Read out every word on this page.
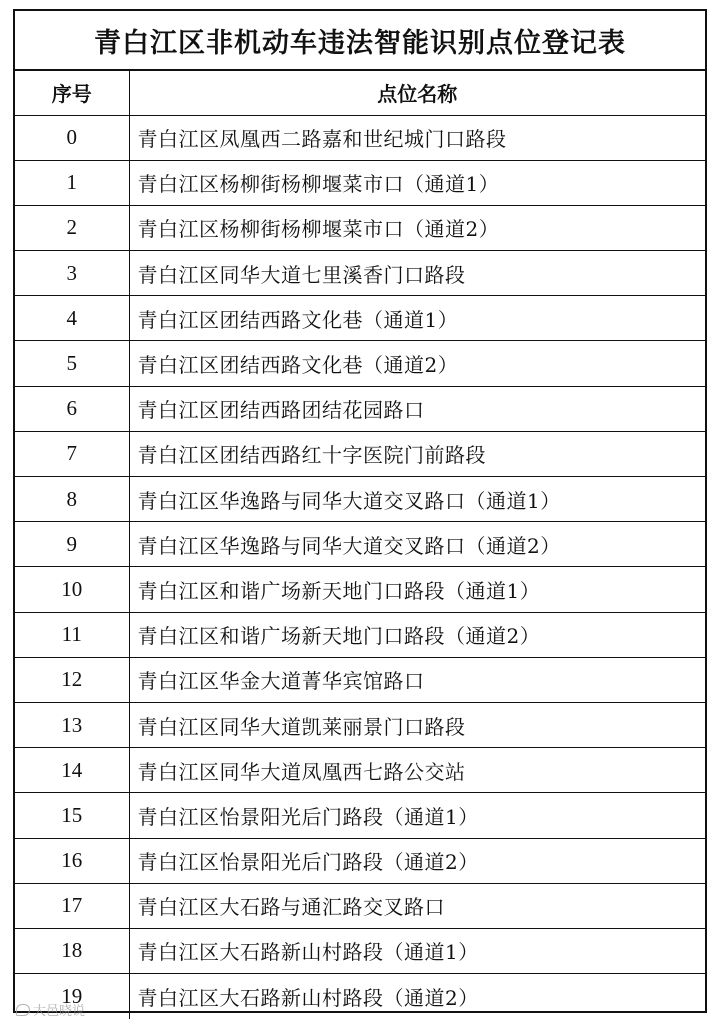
青白江区非机动车违法智能识别点位登记表
序号	点位名称
0	青白江区凤凰西二路嘉和世纪城门口路段
1	青白江区杨柳街杨柳堰菜市口（通道1）
2	青白江区杨柳街杨柳堰菜市口（通道2）
3	青白江区同华大道七里溪香门口路段
4	青白江区团结西路文化巷（通道1）
5	青白江区团结西路文化巷（通道2）
6	青白江区团结西路团结花园路口
7	青白江区团结西路红十字医院门前路段
8	青白江区华逸路与同华大道交叉路口（通道1）
9	青白江区华逸路与同华大道交叉路口（通道2）
10	青白江区和谐广场新天地门口路段（通道1）
11	青白江区和谐广场新天地门口路段（通道2）
12	青白江区华金大道菁华宾馆路口
13	青白江区同华大道凯莱丽景门口路段
14	青白江区同华大道凤凰西七路公交站
15	青白江区怡景阳光后门路段（通道1）
16	青白江区怡景阳光后门路段（通道2）
17	青白江区大石路与通汇路交叉路口
18	青白江区大石路新山村路段（通道1）
19	青白江区大石路新山村路段（通道2）
大邑晓说
